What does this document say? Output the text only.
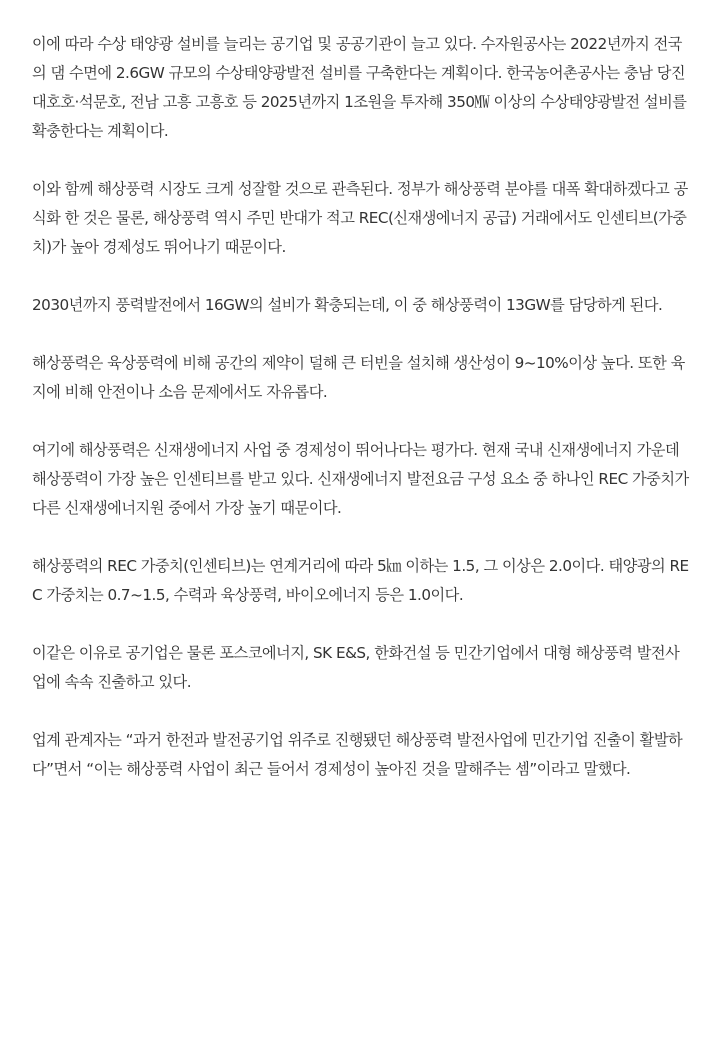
이에 따라 수상 태양광 설비를 늘리는 공기업 및 공공기관이 늘고 있다. 수자원공사는 2022년까지 전국의 댐 수면에 2.6GW 규모의 수상태양광발전 설비를 구축한다는 계획이다. 한국농어촌공사는 충남 당진 대호호·석문호, 전남 고흥 고흥호 등 2025년까지 1조원을 투자해 350㎿ 이상의 수상태양광발전 설비를 확충한다는 계획이다.

이와 함께 해상풍력 시장도 크게 성잘할 것으로 관측된다. 정부가 해상풍력 분야를 대폭 확대하겠다고 공식화 한 것은 물론, 해상풍력 역시 주민 반대가 적고 REC(신재생에너지 공급) 거래에서도 인센티브(가중치)가 높아 경제성도 뛰어나기 때문이다.

2030년까지 풍력발전에서 16GW의 설비가 확충되는데, 이 중 해상풍력이 13GW를 담당하게 된다.

해상풍력은 육상풍력에 비해 공간의 제약이 덜해 큰 터빈을 설치해 생산성이 9~10%이상 높다. 또한 육지에 비해 안전이나 소음 문제에서도 자유롭다.

여기에 해상풍력은 신재생에너지 사업 중 경제성이 뛰어나다는 평가다. 현재 국내 신재생에너지 가운데 해상풍력이 가장 높은 인센티브를 받고 있다. 신재생에너지 발전요금 구성 요소 중 하나인 REC 가중치가 다른 신재생에너지원 중에서 가장 높기 때문이다.

해상풍력의 REC 가중치(인센티브)는 연계거리에 따라 5㎞ 이하는 1.5, 그 이상은 2.0이다. 태양광의 REC 가중치는 0.7~1.5, 수력과 육상풍력, 바이오에너지 등은 1.0이다.

이같은 이유로 공기업은 물론 포스코에너지, SK E&S, 한화건설 등 민간기업에서 대형 해상풍력 발전사업에 속속 진출하고 있다.

업계 관계자는 “과거 한전과 발전공기업 위주로 진행됐던 해상풍력 발전사업에 민간기업 진출이 활발하다”면서 “이는 해상풍력 사업이 최근 들어서 경제성이 높아진 것을 말해주는 셈”이라고 말했다.
